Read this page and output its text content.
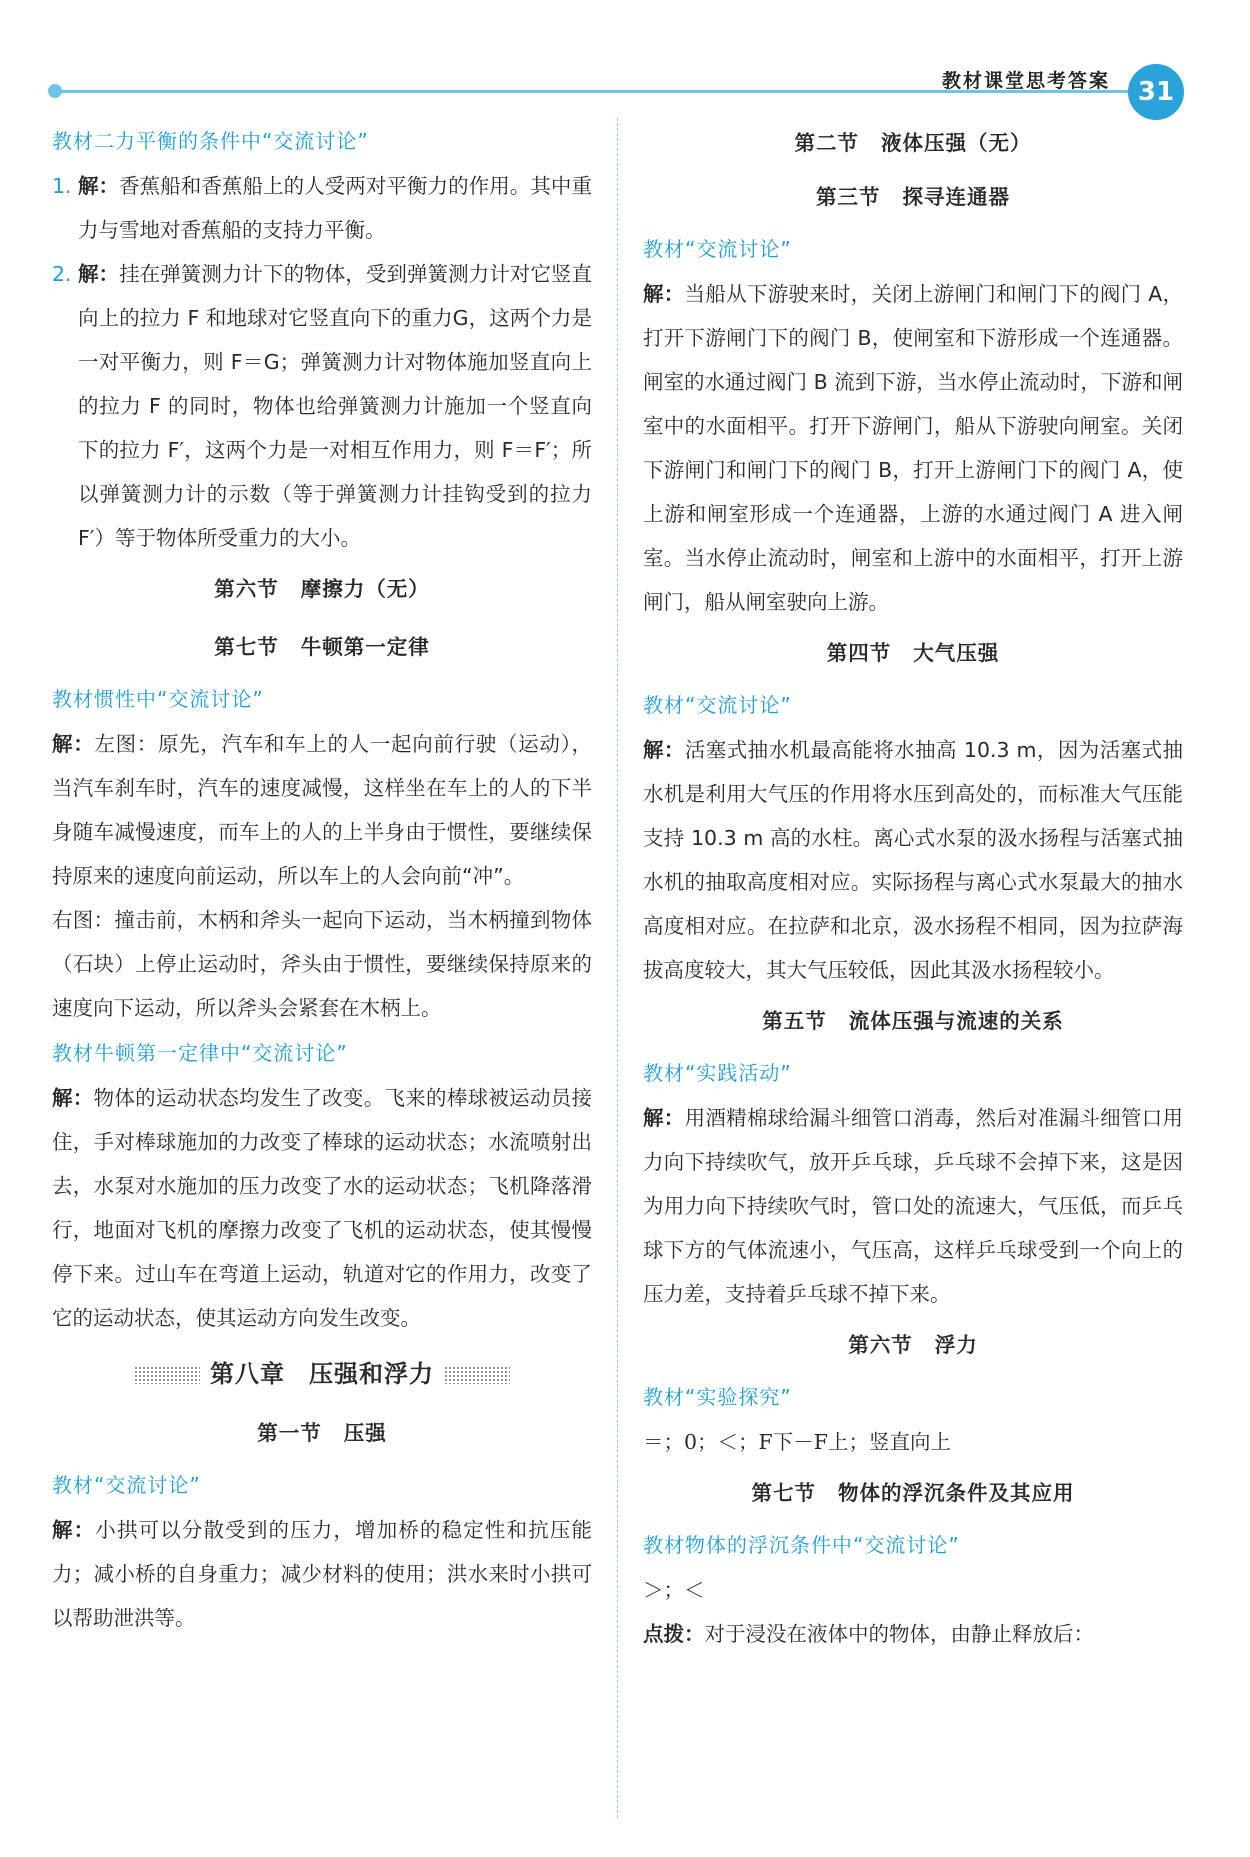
教材课堂思考答案	31

教材二力平衡的条件中“交流讨论”

1. 解：香蕉船和香蕉船上的人受两对平衡力的作用。其中重力与雪地对香蕉船的支持力平衡。

2. 解：挂在弹簧测力计下的物体，受到弹簧测力计对它竖直向上的拉力 F 和地球对它竖直向下的重力G，这两个力是一对平衡力，则 F＝G；弹簧测力计对物体施加竖直向上的拉力 F 的同时，物体也给弹簧测力计施加一个竖直向下的拉力 F′，这两个力是一对相互作用力，则 F＝F′；所以弹簧测力计的示数（等于弹簧测力计挂钩受到的拉力 F′）等于物体所受重力的大小。

第六节 摩擦力（无）

第七节 牛顿第一定律

教材惯性中“交流讨论”

解：左图：原先，汽车和车上的人一起向前行驶（运动），当汽车刹车时，汽车的速度减慢，这样坐在车上的人的下半身随车减慢速度，而车上的人的上半身由于惯性，要继续保持原来的速度向前运动，所以车上的人会向前“冲”。

右图：撞击前，木柄和斧头一起向下运动，当木柄撞到物体（石块）上停止运动时，斧头由于惯性，要继续保持原来的速度向下运动，所以斧头会紧套在木柄上。

教材牛顿第一定律中“交流讨论”

解：物体的运动状态均发生了改变。飞来的棒球被运动员接住，手对棒球施加的力改变了棒球的运动状态；水流喷射出去，水泵对水施加的压力改变了水的运动状态；飞机降落滑行，地面对飞机的摩擦力改变了飞机的运动状态，使其慢慢停下来。过山车在弯道上运动，轨道对它的作用力，改变了它的运动状态，使其运动方向发生改变。

第八章 压强和浮力

第一节 压强

教材“交流讨论”

解：小拱可以分散受到的压力，增加桥的稳定性和抗压能力；减小桥的自身重力；减少材料的使用；洪水来时小拱可以帮助泄洪等。

第二节 液体压强（无）

第三节 探寻连通器

教材“交流讨论”

解：当船从下游驶来时，关闭上游闸门和闸门下的阀门 A，打开下游闸门下的阀门 B，使闸室和下游形成一个连通器。闸室的水通过阀门 B 流到下游，当水停止流动时，下游和闸室中的水面相平。打开下游闸门，船从下游驶向闸室。关闭下游闸门和闸门下的阀门 B，打开上游闸门下的阀门 A，使上游和闸室形成一个连通器，上游的水通过阀门 A 进入闸室。当水停止流动时，闸室和上游中的水面相平，打开上游闸门，船从闸室驶向上游。

第四节 大气压强

教材“交流讨论”

解：活塞式抽水机最高能将水抽高 10.3 m，因为活塞式抽水机是利用大气压的作用将水压到高处的，而标准大气压能支持 10.3 m 高的水柱。离心式水泵的汲水扬程与活塞式抽水机的抽取高度相对应。实际扬程与离心式水泵最大的抽水高度相对应。在拉萨和北京，汲水扬程不相同，因为拉萨海拔高度较大，其大气压较低，因此其汲水扬程较小。

第五节 流体压强与流速的关系

教材“实践活动”

解：用酒精棉球给漏斗细管口消毒，然后对准漏斗细管口用力向下持续吹气，放开乒乓球，乒乓球不会掉下来，这是因为用力向下持续吹气时，管口处的流速大，气压低，而乒乓球下方的气体流速小，气压高，这样乒乓球受到一个向上的压力差，支持着乒乓球不掉下来。

第六节 浮力

教材“实验探究”

＝；0；＜；F下－F上；竖直向上

第七节 物体的浮沉条件及其应用

教材物体的浮沉条件中“交流讨论”

＞；＜

点拨：对于浸没在液体中的物体，由静止释放后：
